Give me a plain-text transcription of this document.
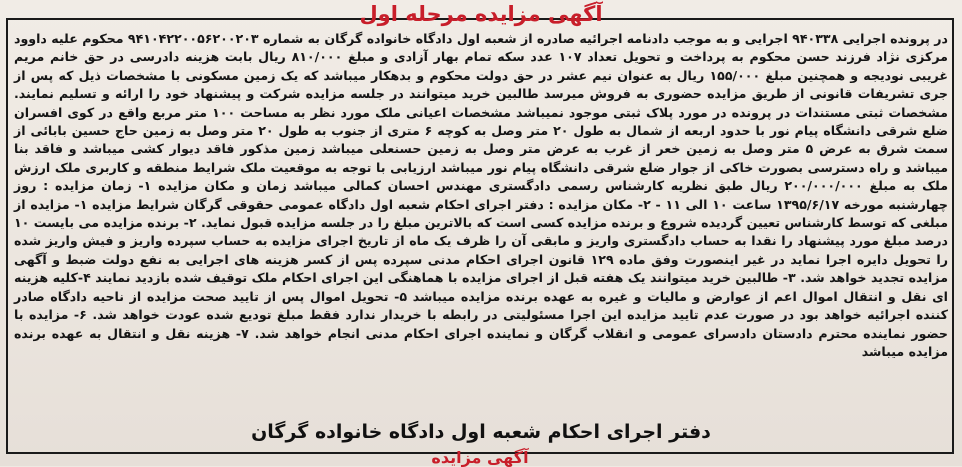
آگهی مزایده مرحله اول

در پرونده اجرایی ۹۴۰۳۳۸ اجرایی و به موجب دادنامه اجرائیه صادره از شعبه اول دادگاه خانواده گرگان به شماره ۹۴۱۰۴۲۲۰۰۵۶۲۰۰۲۰۳ محکوم علیه داوود مرکزی نژاد فرزند حسن محکوم به پرداخت و تحویل تعداد ۱۰۷ عدد سکه تمام بهار آزادی و مبلغ ۸۱۰/۰۰۰ ریال بابت هزینه دادرسی در حق خانم مریم غریبی نودیجه و همچنین مبلغ ۱۵۵/۰۰۰ ریال به عنوان نیم عشر در حق دولت محکوم و بدهکار میباشد که یک زمین مسکونی با مشخصات ذیل که پس از جری تشریفات قانونی از طریق مزایده حضوری به فروش میرسد طالبین خرید میتوانند در جلسه مزایده شرکت و پیشنهاد خود را ارائه و تسلیم نمایند. مشخصات ثبتی مستندات در پرونده در مورد پلاک ثبتی موجود نمیباشد مشخصات اعیانی ملک مورد نظر به مساحت ۱۰۰ متر مربع واقع در کوی افسران ضلع شرقی دانشگاه پیام نور با حدود اربعه از شمال به طول ۲۰ متر وصل به کوچه ۶ متری از جنوب به طول ۲۰ متر وصل به زمین حاج حسین بابائی از سمت شرق به عرض ۵ متر وصل به زمین خعر از غرب به عرض متر وصل به زمین حسنعلی میباشد زمین مذکور فاقد دیوار کشی میباشد و فاقد بنا میباشد و راه دسترسی بصورت خاکی از جوار ضلع شرقی دانشگاه پیام نور میباشد ارزیابی با توجه به موقعیت ملک شرایط منطقه و کاربری ملک ارزش ملک به مبلغ ۲۰۰/۰۰۰/۰۰۰ ریال طبق نظریه کارشناس رسمی دادگستری مهندس احسان کمالی میباشد زمان و مکان مزایده ۱- زمان مزایده : روز چهارشنبه مورخه ۱۳۹۵/۶/۱۷ ساعت ۱۰ الی ۱۱ - ۲- مکان مزایده : دفتر اجرای احکام شعبه اول دادگاه عمومی حقوقی گرگان شرایط مزایده ۱- مزایده از مبلغی که توسط کارشناس تعیین گردیده شروع و برنده مزایده کسی است که بالاترین مبلغ را در جلسه مزایده قبول نماید. ۲- برنده مزایده می بایست ۱۰ درصد مبلغ مورد پیشنهاد را نقدا به حساب دادگستری واریز و مابقی آن را ظرف یک ماه از تاریخ اجرای مزایده به حساب سپرده واریز و فیش واریز شده را تحویل دایره اجرا نماید در غیر اینصورت وفق ماده ۱۲۹ قانون اجرای احکام مدنی سپرده پس از کسر هزینه های اجرایی به نفع دولت ضبط و آگهی مزایده تجدید خواهد شد. ۳- طالبین خرید میتوانند یک هفته قبل از اجرای مزایده با هماهنگی این اجرای احکام ملک توقیف شده بازدید نمایند ۴-کلیه هزینه ای نقل و انتقال اموال اعم از عوارض و مالیات و غیره به عهده برنده مزایده میباشد ۵- تحویل اموال پس از تایید صحت مزایده از ناحیه دادگاه صادر کننده اجرائیه خواهد بود در صورت عدم تایید مزایده این اجرا مسئولیتی در رابطه با خریدار ندارد فقط مبلغ تودیع شده عودت خواهد شد. ۶- مزایده با حضور نماینده محترم دادستان دادسرای عمومی و انقلاب گرگان و نماینده اجرای احکام مدنی انجام خواهد شد. ۷- هزینه نقل و انتقال به عهده برنده مزایده میباشد

دفتر اجرای احکام شعبه اول دادگاه خانواده گرگان
آگهی مزایده
